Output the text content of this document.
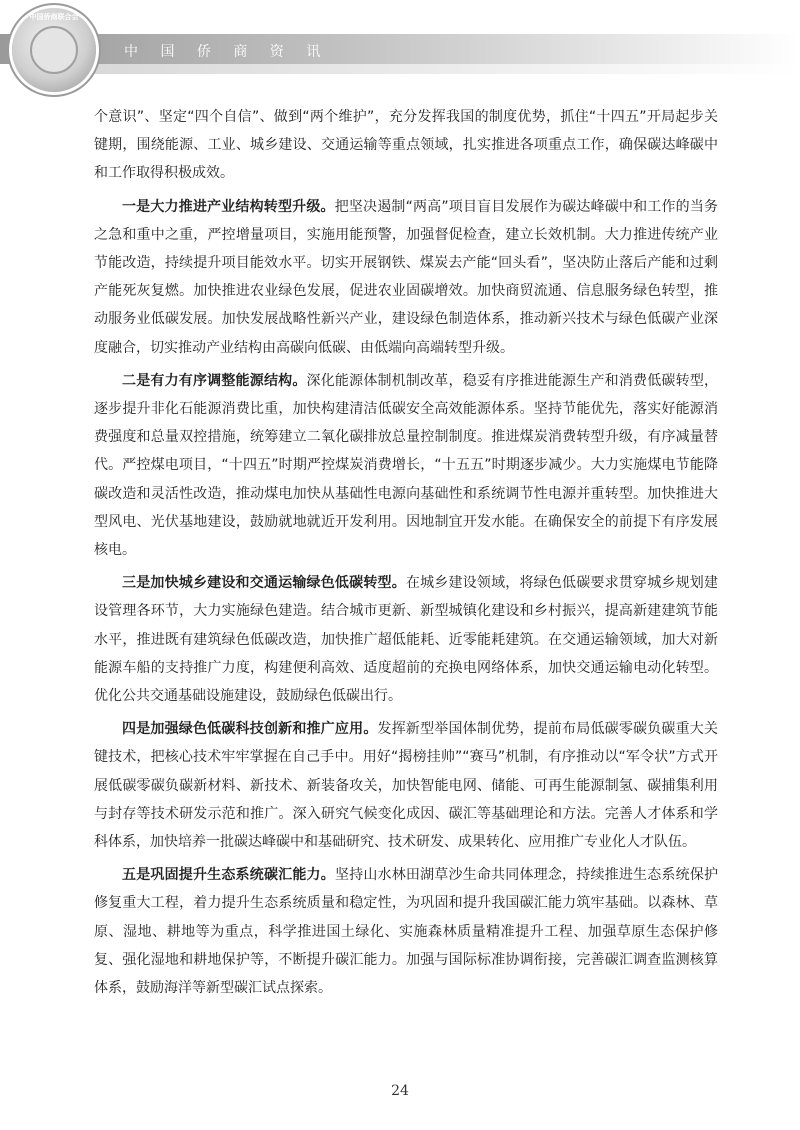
中国侨商联合会
中 国 侨 商 资 讯

个意识”、坚定“四个自信”、做到“两个维护”，充分发挥我国的制度优势，抓住“十四五”开局起步关键期，围绕能源、工业、城乡建设、交通运输等重点领域，扎实推进各项重点工作，确保碳达峰碳中和工作取得积极成效。

一是大力推进产业结构转型升级。把坚决遏制“两高”项目盲目发展作为碳达峰碳中和工作的当务之急和重中之重，严控增量项目，实施用能预警，加强督促检查，建立长效机制。大力推进传统产业节能改造，持续提升项目能效水平。切实开展钢铁、煤炭去产能“回头看”，坚决防止落后产能和过剩产能死灰复燃。加快推进农业绿色发展，促进农业固碳增效。加快商贸流通、信息服务绿色转型，推动服务业低碳发展。加快发展战略性新兴产业，建设绿色制造体系，推动新兴技术与绿色低碳产业深度融合，切实推动产业结构由高碳向低碳、由低端向高端转型升级。

二是有力有序调整能源结构。深化能源体制机制改革，稳妥有序推进能源生产和消费低碳转型，逐步提升非化石能源消费比重，加快构建清洁低碳安全高效能源体系。坚持节能优先，落实好能源消费强度和总量双控措施，统筹建立二氧化碳排放总量控制制度。推进煤炭消费转型升级，有序减量替代。严控煤电项目，“十四五”时期严控煤炭消费增长，“十五五”时期逐步减少。大力实施煤电节能降碳改造和灵活性改造，推动煤电加快从基础性电源向基础性和系统调节性电源并重转型。加快推进大型风电、光伏基地建设，鼓励就地就近开发利用。因地制宜开发水能。在确保安全的前提下有序发展核电。

三是加快城乡建设和交通运输绿色低碳转型。在城乡建设领域，将绿色低碳要求贯穿城乡规划建设管理各环节，大力实施绿色建造。结合城市更新、新型城镇化建设和乡村振兴，提高新建建筑节能水平，推进既有建筑绿色低碳改造，加快推广超低能耗、近零能耗建筑。在交通运输领域，加大对新能源车船的支持推广力度，构建便利高效、适度超前的充换电网络体系，加快交通运输电动化转型。优化公共交通基础设施建设，鼓励绿色低碳出行。

四是加强绿色低碳科技创新和推广应用。发挥新型举国体制优势，提前布局低碳零碳负碳重大关键技术，把核心技术牢牢掌握在自己手中。用好“揭榜挂帅”“赛马”机制，有序推动以“军令状”方式开展低碳零碳负碳新材料、新技术、新装备攻关，加快智能电网、储能、可再生能源制氢、碳捕集利用与封存等技术研发示范和推广。深入研究气候变化成因、碳汇等基础理论和方法。完善人才体系和学科体系，加快培养一批碳达峰碳中和基础研究、技术研发、成果转化、应用推广专业化人才队伍。

五是巩固提升生态系统碳汇能力。坚持山水林田湖草沙生命共同体理念，持续推进生态系统保护修复重大工程，着力提升生态系统质量和稳定性，为巩固和提升我国碳汇能力筑牢基础。以森林、草原、湿地、耕地等为重点，科学推进国土绿化、实施森林质量精准提升工程、加强草原生态保护修复、强化湿地和耕地保护等，不断提升碳汇能力。加强与国际标准协调衔接，完善碳汇调查监测核算体系，鼓励海洋等新型碳汇试点探索。

24
